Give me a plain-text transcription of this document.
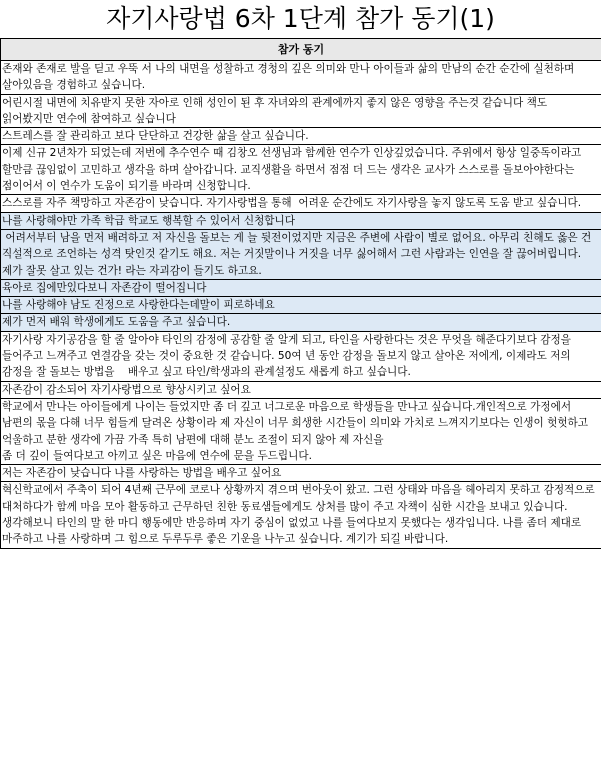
자기사랑법 6차 1단계 참가 동기(1)
참가 동기
존재와 존재로 발을 딛고 우뚝 서 나의 내면을 성찰하고 경청의 깊은 의미와 만나 아이들과 삶의 만남의 순간 순간에 실천하며 살아있음을 경험하고 싶습니다.
어린시절 내면에 치유받지 못한 자아로 인해 성인이 된 후 자녀와의 관계에까지 좋지 않은 영향을 주는것 같습니다 책도 읽어봤지만 연수에 참여하고 싶습니다
스트레스를 잘 관리하고 보다 단단하고 건강한 삶을 살고 싶습니다.
이제 신규 2년차가 되었는데 저번에 추수연수 때 김창오 선생님과 함께한 연수가 인상깊었습니다. 주위에서 항상 일중독이라고 할만큼 끊임없이 고민하고 생각을 하며 살아갑니다. 교직생활을 하면서 점점 더 드는 생각은 교사가 스스로를 돌보아야한다는 점이어서 이 연수가 도움이 되기를 바라며 신청합니다.
스스로를 자주 책망하고 자존감이 낮습니다. 자기사랑법을 통해  어려운 순간에도 자기사랑을 놓지 않도록 도움 받고 싶습니다.
나를 사랑해야만 가족 학급 학교도 행복할 수 있어서 신청합니다
어려서부터 남을 먼저 배려하고 저 자신을 돌보는 게 늘 뒷전이었지만 지금은 주변에 사람이 별로 없어요. 아무리 친해도 옳은 건 직설적으로 조언하는 성격 탓인것 같기도 해요. 저는 거짓말이나 거짓을 너무 싫어해서 그런 사람과는 인연을 잘 끊어버립니다. 제가 잘못 살고 있는 건가! 라는 자괴감이 들기도 하고요.
육아로 집에만있다보니 자존감이 떨어집니다
나를 사랑해야 남도 진정으로 사랑한다는데말이 피로하네요
제가 먼저 배워 학생에게도 도움을 주고 싶습니다.
자기사랑 자기공감을 할 줄 알아야 타인의 감정에 공감할 줄 알게 되고, 타인을 사랑한다는 것은 무엇을 해준다기보다 감정을 들어주고 느껴주고 연결감을 갖는 것이 중요한 것 같습니다. 50여 년 동안 감정을 돌보지 않고 살아온 저에게, 이제라도 저의 감정을 잘 돌보는 방법을    배우고 싶고 타인/학생과의 관계설정도 새롭게 하고 싶습니다.
자존감이 감소되어 자기사랑법으로 향상시키고 싶어요
학교에서 만나는 아이들에게 나이는 들었지만 좀 더 깊고 너그로운 마음으로 학생들을 만나고 싶습니다.개인적으로 가정에서 남편의 몫을 다해 너무 힘들게 달려온 상황이라 제 자신이 너무 희생한 시간들이 의미와 가치로 느껴지기보다는 인생이 헛헛하고 억울하고 분한 생각에 가끔 가족 특히 남편에 대해 분노 조절이 되지 않아 제 자신을
좀 더 깊이 들여다보고 아끼고 싶은 마음에 연수에 문을 두드립니다.
저는 자존감이 낮습니다 나를 사랑하는 방법을 배우고 싶어요
혁신학교에서 주축이 되어 4년째 근무에 코로나 상황까지 겪으며 번아웃이 왔고. 그런 상태와 마음을 헤아리지 못하고 감정적으로 대처하다가 함께 마음 모아 활동하고 근무하던 친한 동료샘들에게도 상처를 많이 주고 자책이 심한 시간을 보내고 있습니다. 생각해보니 타인의 말 한 마디 행동에만 반응하며 자기 중심이 없었고 나를 들여다보지 못했다는 생각입니다. 나를 좀더 제대로 마주하고 나를 사랑하며 그 힘으로 두루두루 좋은 기운을 나누고 싶습니다. 계기가 되길 바랍니다.
